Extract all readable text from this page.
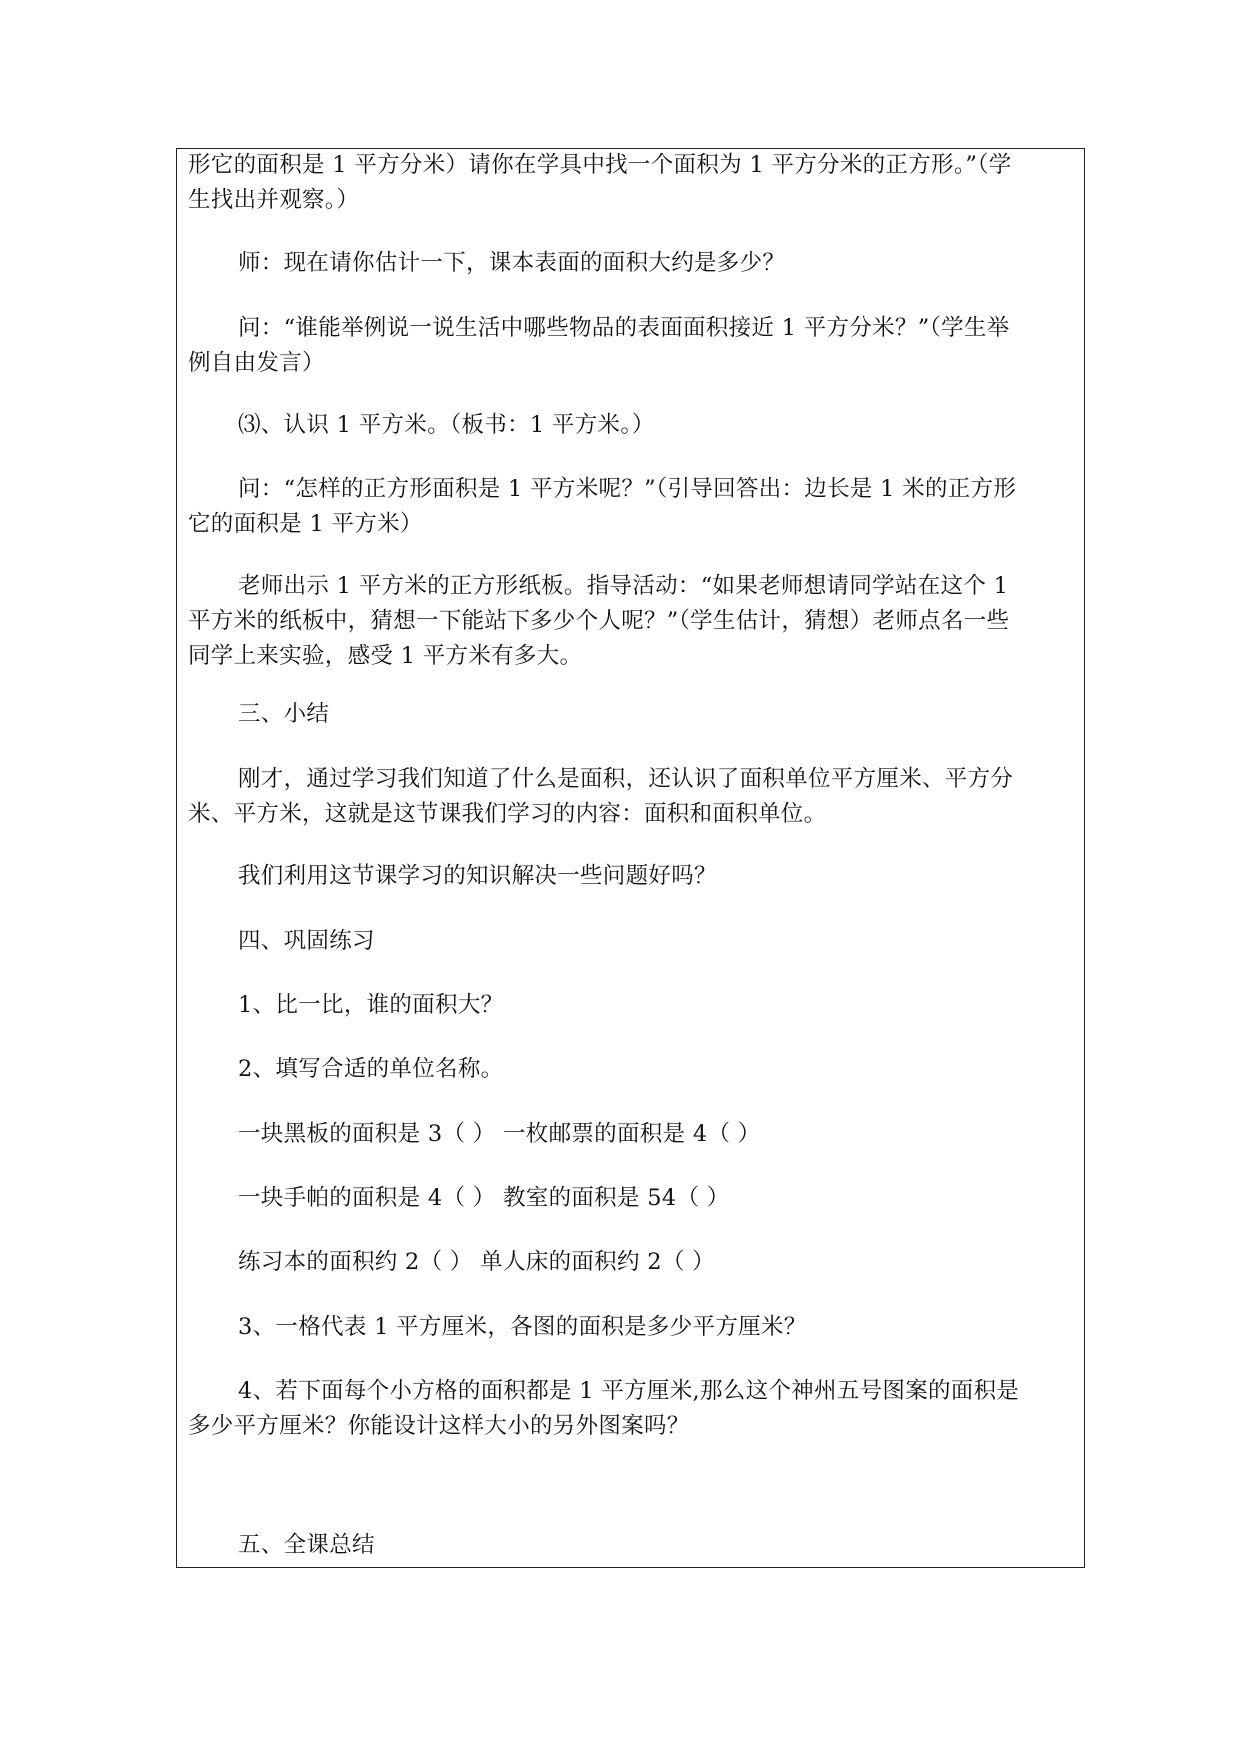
形它的面积是 1 平方分米）请你在学具中找一个面积为 1 平方分米的正方形。”（学
生找出并观察。）

师：现在请你估计一下，课本表面的面积大约是多少？

问：“谁能举例说一说生活中哪些物品的表面面积接近 1 平方分米？”（学生举
例自由发言）

⑶、认识 1 平方米。（板书：1 平方米。）

问：“怎样的正方形面积是 1 平方米呢？”（引导回答出：边长是 1 米的正方形
它的面积是 1 平方米）

老师出示 1 平方米的正方形纸板。指导活动：“如果老师想请同学站在这个 1
平方米的纸板中，猜想一下能站下多少个人呢？”（学生估计，猜想）老师点名一些
同学上来实验，感受 1 平方米有多大。

三、小结

刚才，通过学习我们知道了什么是面积，还认识了面积单位平方厘米、平方分
米、平方米，这就是这节课我们学习的内容：面积和面积单位。

我们利用这节课学习的知识解决一些问题好吗？

四、巩固练习

1、比一比，谁的面积大？

2、填写合适的单位名称。

一块黑板的面积是 3（ ） 一枚邮票的面积是 4（ ）

一块手帕的面积是 4（ ） 教室的面积是 54（ ）

练习本的面积约 2（ ） 单人床的面积约 2（ ）

3、一格代表 1 平方厘米，各图的面积是多少平方厘米？

4、若下面每个小方格的面积都是 1 平方厘米,那么这个神州五号图案的面积是
多少平方厘米？你能设计这样大小的另外图案吗？

五、全课总结
